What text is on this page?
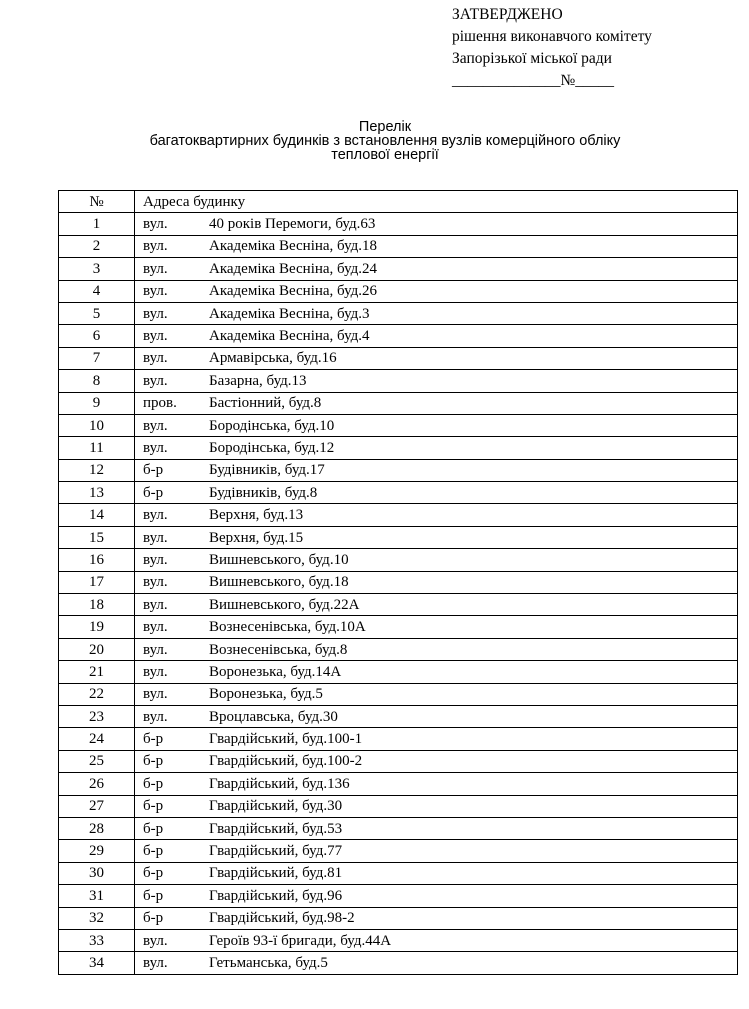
ЗАТВЕРДЖЕНО
рішення виконавчого комітету
Запорізької міської ради
______________№_____
Перелік
багатоквартирних будинків з встановлення вузлів комерційного обліку
теплової енергії
№	Адреса будинку
1	вул. 40 років Перемоги, буд.63
2	вул. Академіка Весніна, буд.18
3	вул. Академіка Весніна, буд.24
4	вул. Академіка Весніна, буд.26
5	вул. Академіка Весніна, буд.3
6	вул. Академіка Весніна, буд.4
7	вул. Армавірська, буд.16
8	вул. Базарна, буд.13
9	пров. Бастіонний, буд.8
10	вул. Бородінська, буд.10
11	вул. Бородінська, буд.12
12	б-р Будівників, буд.17
13	б-р Будівників, буд.8
14	вул. Верхня, буд.13
15	вул. Верхня, буд.15
16	вул. Вишневського, буд.10
17	вул. Вишневського, буд.18
18	вул. Вишневського, буд.22А
19	вул. Вознесенівська, буд.10А
20	вул. Вознесенівська, буд.8
21	вул. Воронезька, буд.14А
22	вул. Воронезька, буд.5
23	вул. Вроцлавська, буд.30
24	б-р Гвардійський, буд.100-1
25	б-р Гвардійський, буд.100-2
26	б-р Гвардійський, буд.136
27	б-р Гвардійський, буд.30
28	б-р Гвардійський, буд.53
29	б-р Гвардійський, буд.77
30	б-р Гвардійський, буд.81
31	б-р Гвардійський, буд.96
32	б-р Гвардійський, буд.98-2
33	вул. Героїв 93-ї бригади, буд.44А
34	вул. Гетьманська, буд.5
